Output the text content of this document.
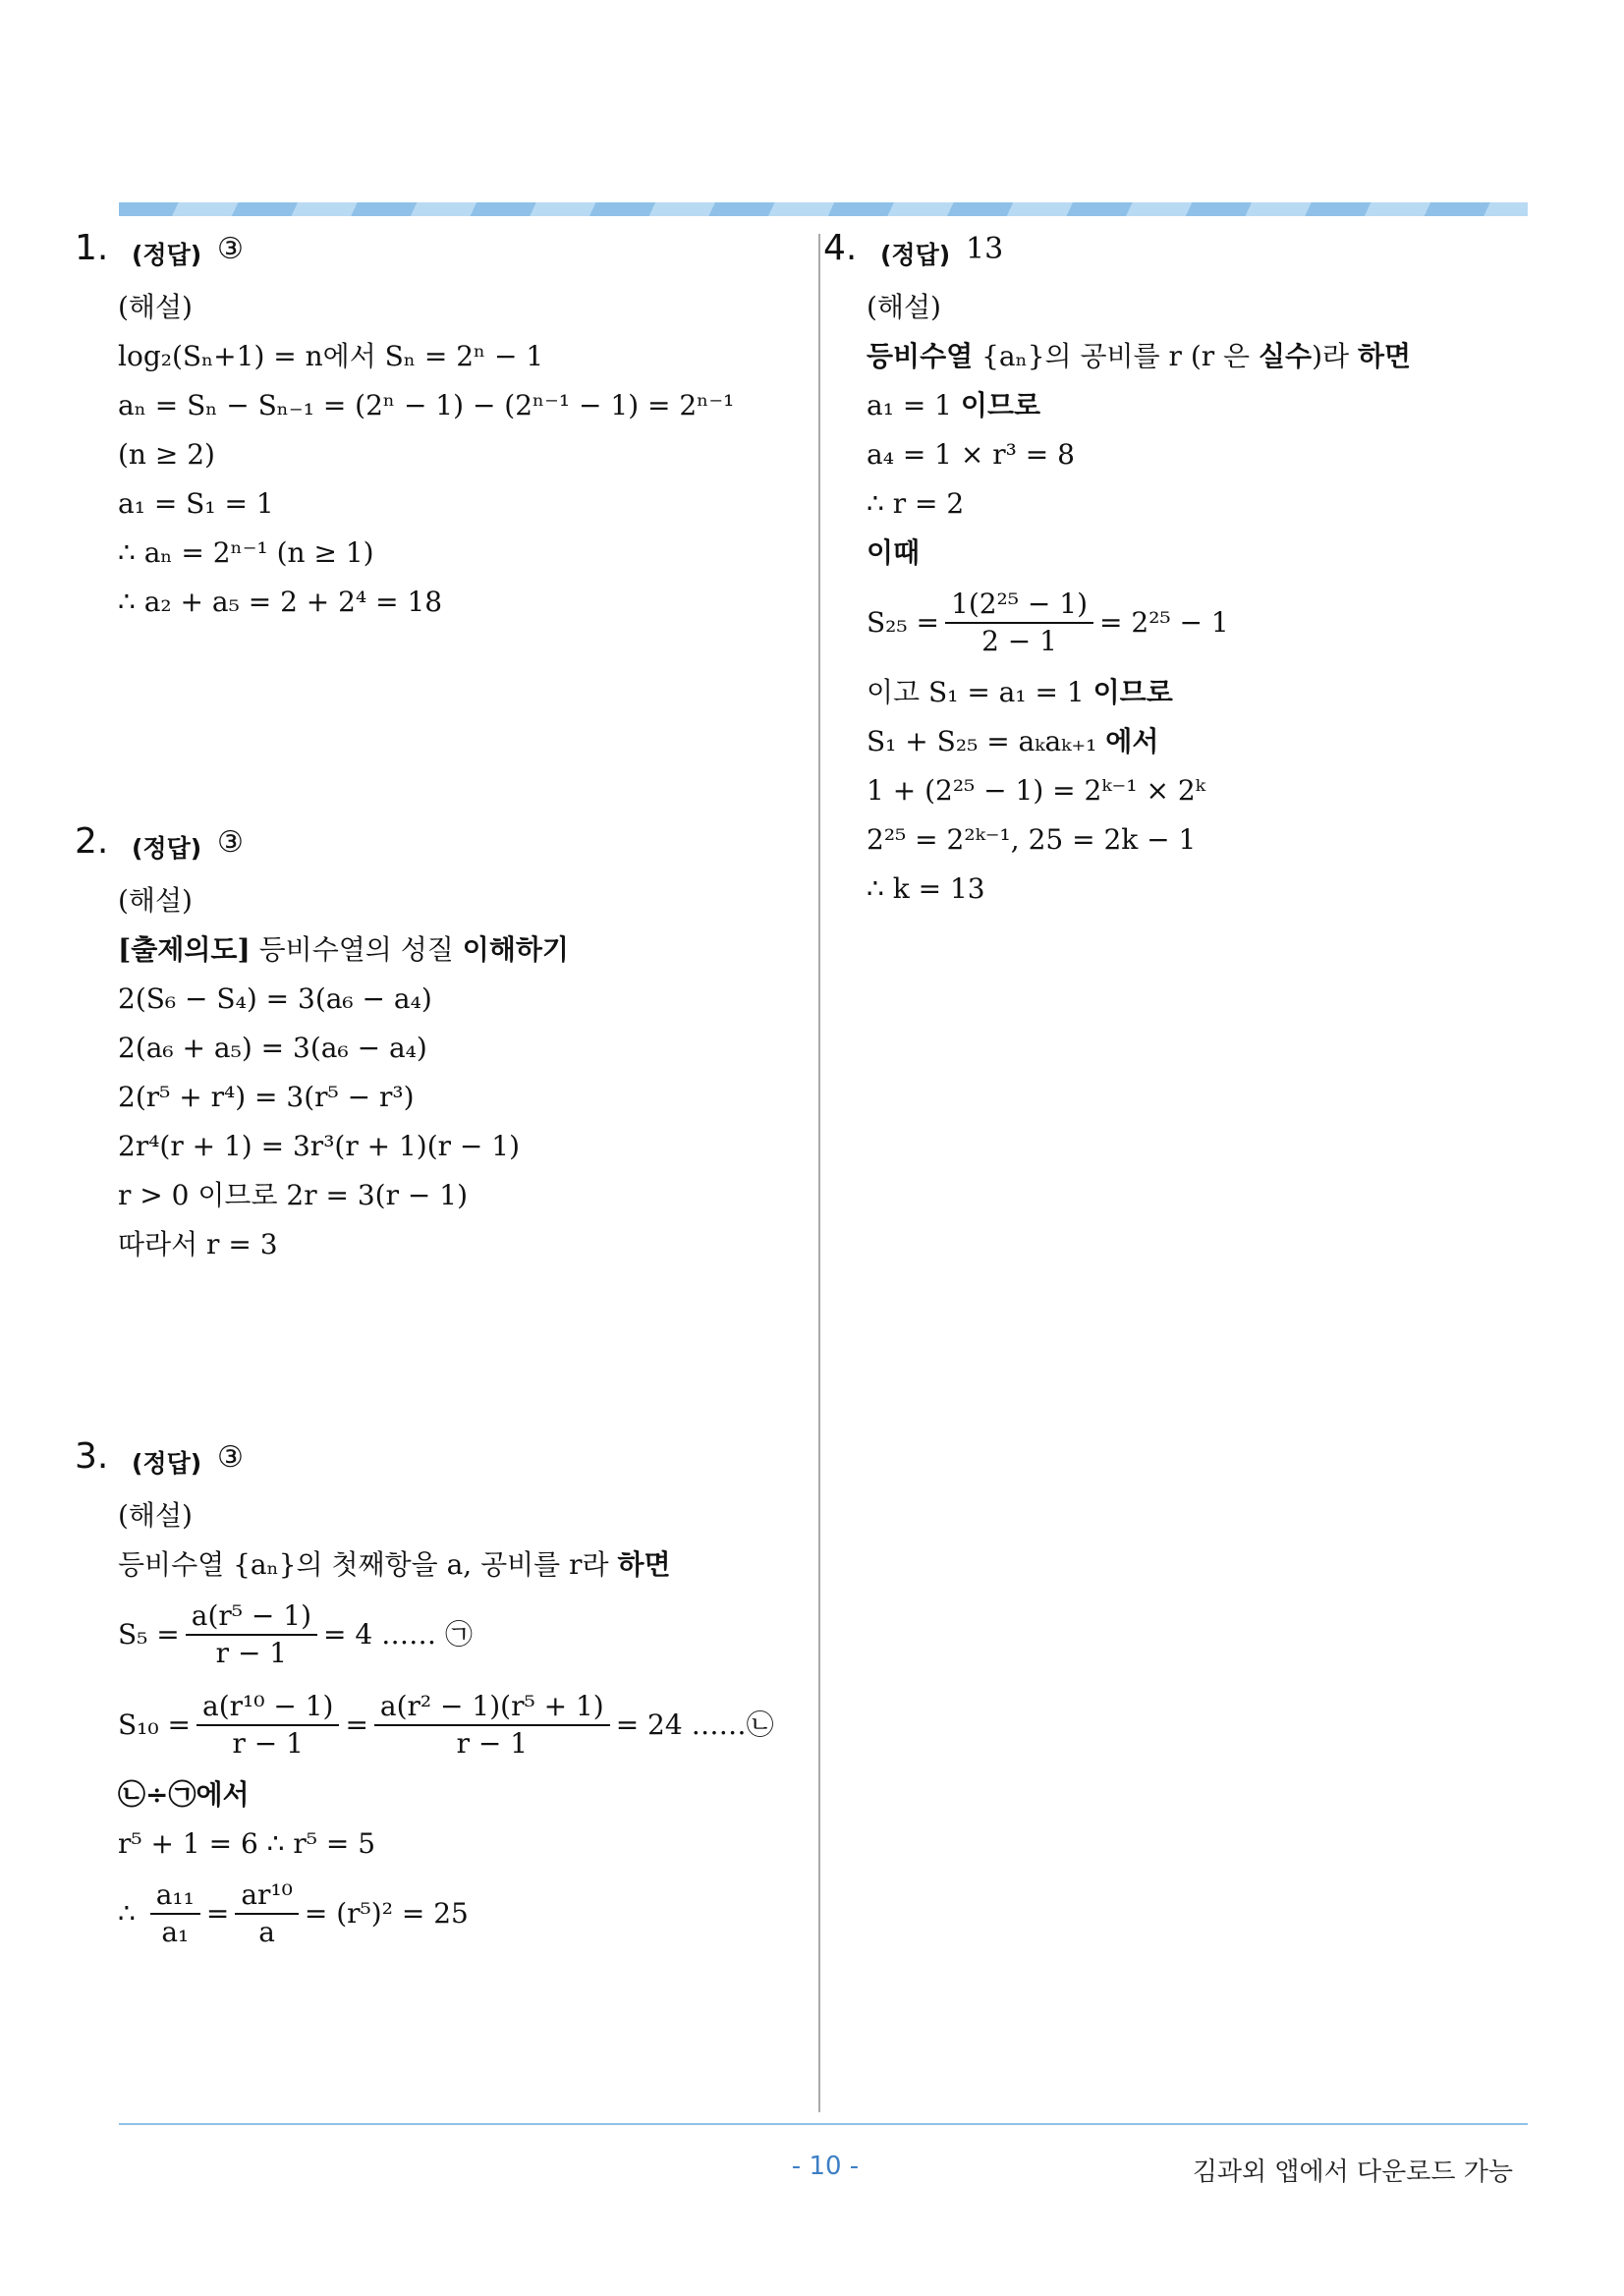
1. (정답) ③
(해설)
log₂(Sₙ+1) = n에서 Sₙ = 2ⁿ − 1
aₙ = Sₙ − Sₙ₋₁ = (2ⁿ − 1) − (2ⁿ⁻¹ − 1) = 2ⁿ⁻¹
(n ≥ 2)
a₁ = S₁ = 1
∴ aₙ = 2ⁿ⁻¹ (n ≥ 1)
∴ a₂ + a₅ = 2 + 2⁴ = 18
2. (정답) ③
(해설)
[출제의도]
등비수열의 성질
이해하기
2(S₆ − S₄) = 3(a₆ − a₄)
2(a₆ + a₅) = 3(a₆ − a₄)
2(r⁵ + r⁴) = 3(r⁵ − r³)
2r⁴(r + 1) = 3r³(r + 1)(r − 1)
r > 0 이므로 2r = 3(r − 1)
따라서 r = 3
3. (정답) ③
(해설)
등비수열 {aₙ}의 첫째항을 a, 공비를 r라
하면
$S_5 = \frac{\text{a(r⁵ − 1)}}{r - 1} = 4$ …… ㉠
$S_{10} = \frac{\text{a(r¹⁰ − 1)}}{r - 1} = \frac{\text{a(r² − 1)(r⁵ + 1)}}{r - 1} = 24$ ……㉡
㉡÷㉠에서
r⁵ + 1 = 6 ∴ r⁵ = 5
∴
$\frac{\text{a₁₁}}{\text{a₁}} = \frac{\text{ar¹⁰}}{a} = (r^5)^2 = 25$
4. (정답) 13
(해설)
등비수열
{aₙ}의 공비를 r (r 은
실수 )라
하면
a₁ = 1
이므로
a₄ = 1 × r³ = 8
∴ r = 2
이때
$S_{25} = \frac{\text{1(2²⁵ − 1)}}{2 - 1} = 2^{25} - 1$
이고
S₁ = a₁ = 1
이므로
S₁ + S₂₅ = aₖaₖ₊₁
에서
1 + (2²⁵ − 1) = 2ᵏ⁻¹ × 2ᵏ
2²⁵ = 2²ᵏ⁻¹, 25 = 2k − 1
∴ k = 13
- 10 -	김과외 앱에서 다운로드 가능
